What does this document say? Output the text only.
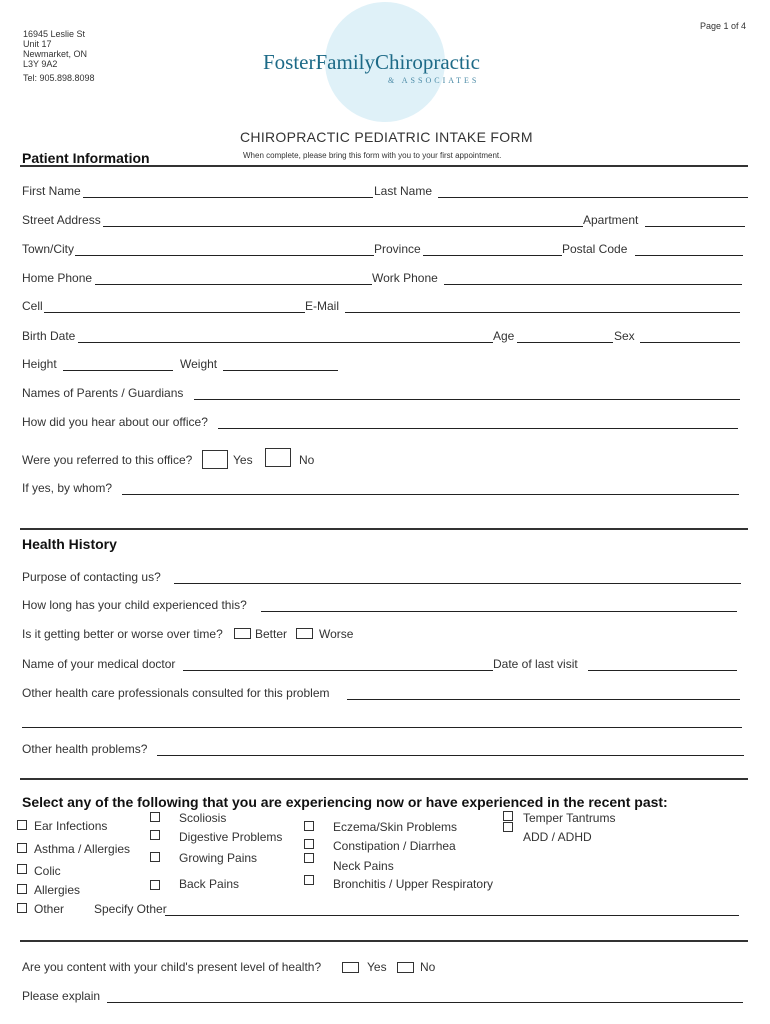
Page 1 of 4
16945 Leslie St
Unit 17
Newmarket, ON
L3Y 9A2
Tel: 905.898.8098
FosterFamilyChiropractic
& ASSOCIATES
CHIROPRACTIC PEDIATRIC INTAKE FORM
When complete, please bring this form with you to your first appointment.
Patient Information
First Name	Last Name
Street Address	Apartment
Town/City	Province	Postal Code
Home Phone	Work Phone
Cell	E-Mail
Birth Date	Age	Sex
Height	Weight
Names of Parents / Guardians
How did you hear about our office?
Were you referred to this office?	Yes	No
If yes, by whom?
Health History
Purpose of contacting us?
How long has your child experienced this?
Is it getting better or worse over time?	Better	Worse
Name of your medical doctor	Date of last visit
Other health care professionals consulted for this problem
Other health problems?
Select any of the following that you are experiencing now or have experienced in the recent past:
Ear Infections
Asthma / Allergies
Colic
Allergies
Other
Scoliosis
Digestive Problems
Growing Pains
Back Pains
Eczema/Skin Problems
Constipation / Diarrhea
Neck Pains
Bronchitis / Upper Respiratory
Temper Tantrums
ADD / ADHD
Specify Other
Are you content with your child's present level of health?	Yes	No
Please explain
